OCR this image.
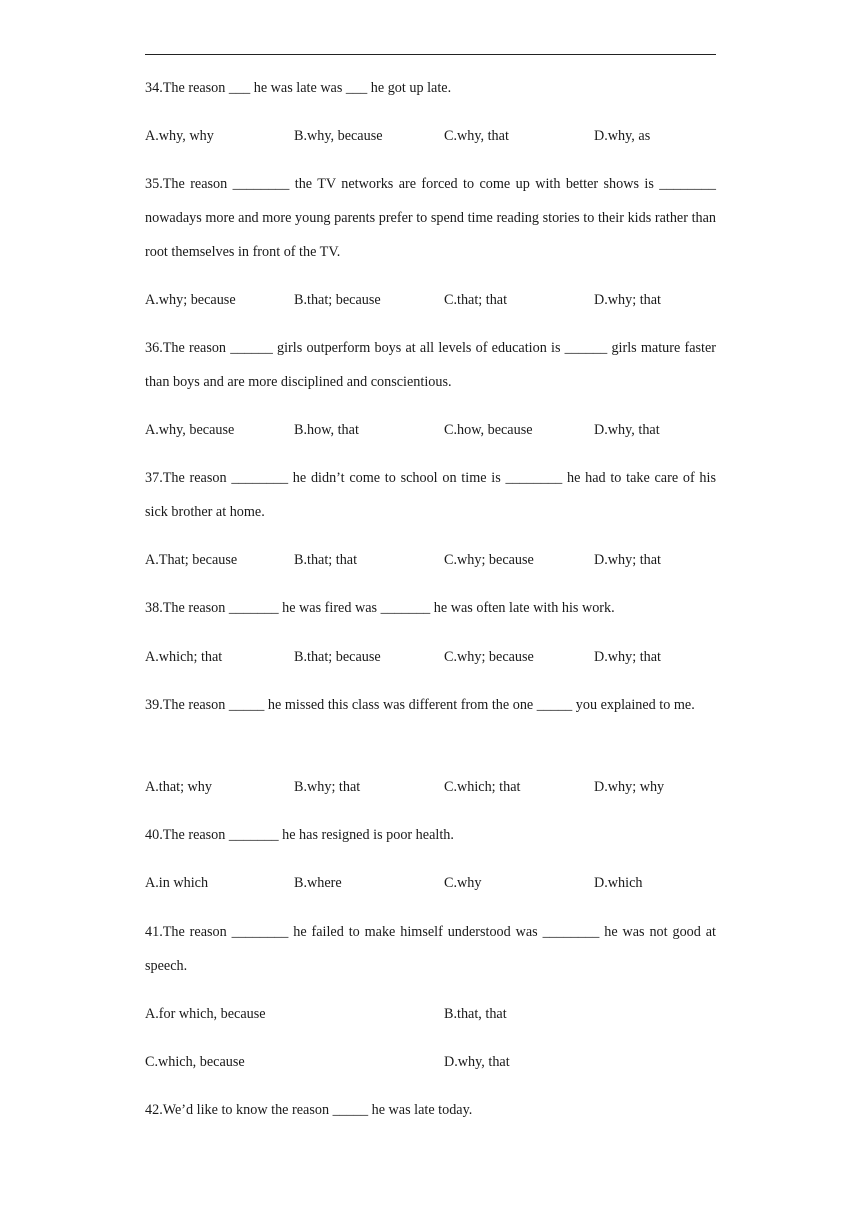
34.The reason ___ he was late was ___ he got up late.

A.why, why	B.why, because	C.why, that	D.why, as

35.The reason ________ the TV networks are forced to come up with better shows is ________ nowadays more and more young parents prefer to spend time reading stories to their kids rather than root themselves in front of the TV.

A.why; because	B.that; because	C.that; that	D.why; that

36.The reason ______ girls outperform boys at all levels of education is ______ girls mature faster than boys and are more disciplined and conscientious.

A.why, because	B.how, that	C.how, because	D.why, that

37.The reason ________ he didn’t come to school on time is ________ he had to take care of his sick brother at home.

A.That; because	B.that; that	C.why; because	D.why; that

38.The reason _______ he was fired was _______ he was often late with his work.

A.which; that	B.that; because	C.why; because	D.why; that

39.The reason _____ he missed this class was different from the one _____ you explained to me.

A.that; why	B.why; that	C.which; that	D.why; why

40.The reason _______ he has resigned is poor health.

A.in which	B.where	C.why	D.which

41.The reason ________ he failed to make himself understood was ________ he was not good at speech.

A.for which, because	B.that, that
C.which, because	D.why, that

42.We’d like to know the reason _____ he was late today.
